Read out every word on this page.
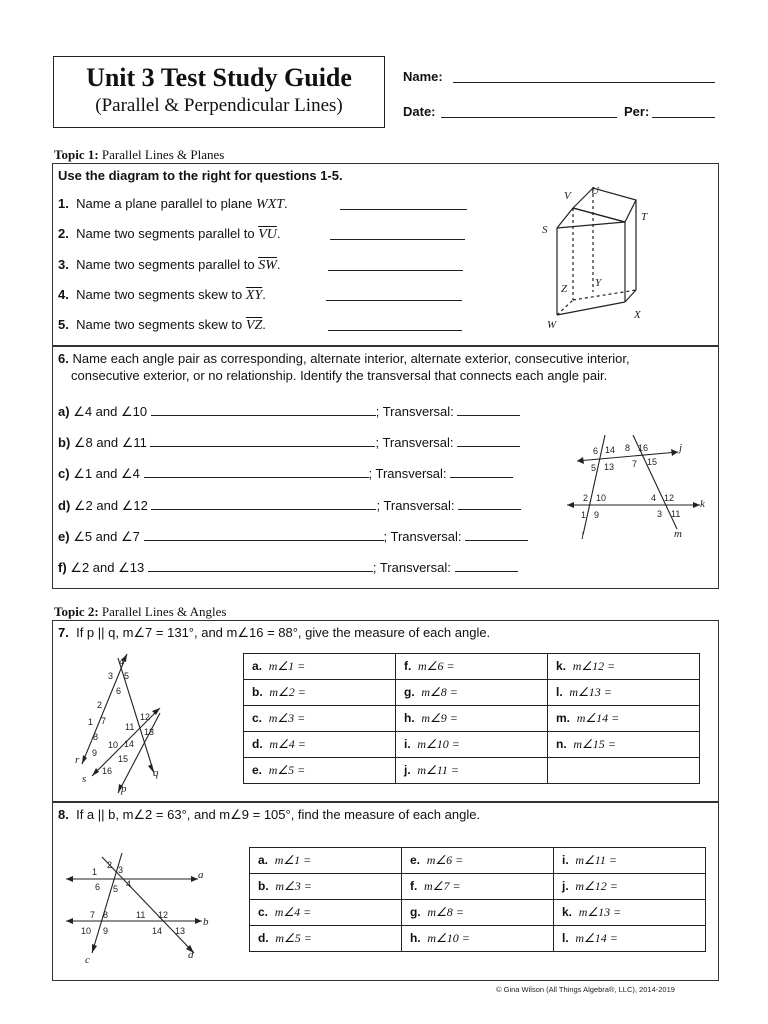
Unit 3 Test Study Guide
(Parallel & Perpendicular Lines)
Name:
Date:	Per:
Topic 1: Parallel Lines & Planes
Use the diagram to the right for questions 1-5.
1. Name a plane parallel to plane WXT.
2. Name two segments parallel to $\overline{VU}$.
3. Name two segments parallel to $\overline{SW}$.
4. Name two segments skew to $\overline{XY}$.
5. Name two segments skew to $\overline{VZ}$.
V U
S
T
Z	Y
W
X
6. Name each angle pair as corresponding, alternate interior, alternate exterior, consecutive interior,
consecutive exterior, or no relationship. Identify the transversal that connects each angle pair.
a) ∠4 and ∠10	; Transversal:
b) ∠8 and ∠11	; Transversal:
c) ∠1 and ∠4	; Transversal:
d) ∠2 and ∠12	; Transversal:
e) ∠5 and ∠7	; Transversal:
f) ∠2 and ∠13	; Transversal:
j
k
l	m
6 14 8 16
5 13 7 15
2 10	4 12
1 9	3 11
Topic 2: Parallel Lines & Angles
7. If p || q, m∠7 = 131°, and m∠16 = 88°, give the measure of each angle.
a. m∠1 =	f. m∠6 =	k. m∠12 =
b. m∠2 =	g. m∠8 =	l. m∠13 =
c. m∠3 =	h. m∠9 =	m. m∠14 =
d. m∠4 =	i. m∠10 =	n. m∠15 =
e. m∠5 =	j. m∠11 =	
r
s	q
p
4
3 5
6
2
1 7	12
11 13
8
10
9
14
15
16
8. If a || b, m∠2 = 63°, and m∠9 = 105°, find the measure of each angle.
a. m∠1 =	e. m∠6 =	i. m∠11 =
b. m∠3 =	f. m∠7 =	j. m∠12 =
c. m∠4 =	g. m∠8 =	k. m∠13 =
d. m∠5 =	h. m∠10 =	l. m∠14 =
a
b
c	d
2 3
1
6 5 4
7 8	11 12
10 9	14 13
© Gina Wilson (All Things Algebra®, LLC), 2014-2019
